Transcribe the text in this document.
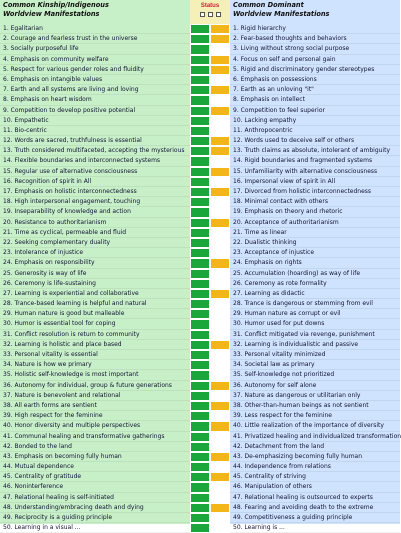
Common Kinship/Indigenous
Worldview Manifestations
1. Egalitarian
2. Courage and fearless trust in the universe
3. Socially purposeful life
4. Emphasis on community welfare
5. Respect for various gender roles and fluidity
6. Emphasis on intangible values
7. Earth and all systems are living and loving
8. Emphasis on heart wisdom
9. Competition to develop positive potential
10. Empathetic
11. Bio-centric
12. Words are sacred, truthfulness is essential
13. Truth considered multifaceted, accepting the mysterious
14. Flexible boundaries and interconnected systems
15. Regular use of alternative consciousness
16. Recognition of spirit in All
17. Emphasis on holistic interconnectedness
18. High interpersonal engagement, touching
19. Inseparability of knowledge and action
20. Resistance to authoritarianism
21. Time as cyclical, permeable and fluid
22. Seeking complementary duality
23. Intolerance of injustice
24. Emphasis on responsibility
25. Generosity is way of life
26. Ceremony is life-sustaining
27. Learning is experiential and collaborative
28. Trance-based learning is helpful and natural
29. Human nature is good but malleable
30. Humor is essential tool for coping
31. Conflict resolution is return to community
32. Learning is holistic and place based
33. Personal vitality is essential
34. Nature is how we primary
35. Holistic self-knowledge is most important
36. Autonomy for individual, group & future generations
37. Nature is benevolent and relational
38. All earth forms are sentient
39. High respect for the feminine
40. Honor diversity and multiple perspectives
41. Communal healing and transformative gatherings
42. Bonded to the land
43. Emphasis on becoming fully human
44. Mutual dependence
45. Centrality of gratitude
46. Noninterference
47. Relational healing is self-initiated
48. Understanding/embracing death and dying
49. Reciprocity is a guiding principle
50. Learning in a visual ...
Status	Common Dominant
Worldview Manifestations
1. Rigid hierarchy
2. Fear-based thoughts and behaviors
3. Living without strong social purpose
4. Focus on self and personal gain
5. Rigid and discriminatory gender stereotypes
6. Emphasis on possessions
7. Earth as an unloving "it"
8. Emphasis on intellect
9. Competition to feel superior
10. Lacking empathy
11. Anthropocentric
12. Words used to deceive self or others
13. Truth claims as absolute, intolerant of ambiguity
14. Rigid boundaries and fragmented systems
15. Unfamiliarity with alternative consciousness
16. Impersonal view of spirit in All
17. Divorced from holistic interconnectedness
18. Minimal contact with others
19. Emphasis on theory and rhetoric
20. Acceptance of authoritarianism
21. Time as linear
22. Dualistic thinking
23. Acceptance of injustice
24. Emphasis on rights
25. Accumulation (hoarding) as way of life
26. Ceremony as rote formality
27. Learning as didactic
28. Trance is dangerous or stemming from evil
29. Human nature as corrupt or evil
30. Humor used for put downs
31. Conflict mitigated via revenge, punishment
32. Learning is individualistic and passive
33. Personal vitality minimized
34. Societal law as primary
35. Self-knowledge not prioritized
36. Autonomy for self alone
37. Nature as dangerous or utilitarian only
38. Other-than-human beings as not sentient
39. Less respect for the feminine
40. Little realization of the importance of diversity
41. Privatized healing and individualized transformation
42. Detachment from the land
43. De-emphasizing becoming fully human
44. Independence from relations
45. Centrality of striving
46. Manipulation of others
47. Relational healing is outsourced to experts
48. Fearing and avoiding death to the extreme
49. Competitiveness a guiding principle
50. Learning is ...
